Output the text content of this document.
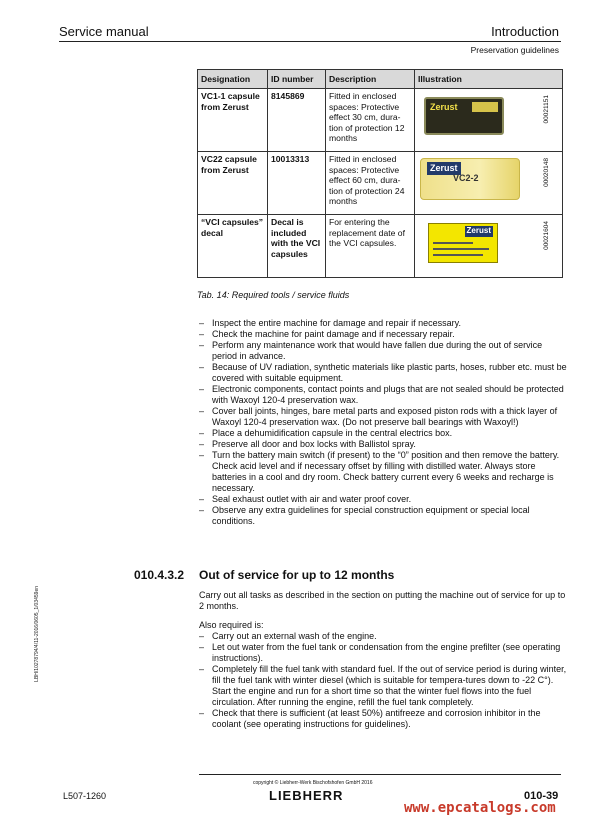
Service manual	Introduction
Preservation guidelines
Designation	ID number	Description	Illustration
VC1-1 capsule from Zerust	8145869	Fitted in enclosed spaces: Protective effect 30 cm, dura-tion of protection 12 months	Zerust 00021151

VC22 capsule from Zerust	10013313	Fitted in enclosed spaces: Protective effect 60 cm, dura-tion of protection 24 months	Zerust
VC2-2 00020148

“VCI capsules” decal	Decal is included with the VCI capsules	For entering the replacement date of the VCI capsules.	Zerust 00021604
Tab. 14: Required tools / service fluids
– Inspect the entire machine for damage and repair if necessary.
– Check the machine for paint damage and if necessary repair.
– Perform any maintenance work that would have fallen due during the out of service period in advance.
– Because of UV radiation, synthetic materials like plastic parts, hoses, rubber etc. must be covered with suitable equipment.
– Electronic components, contact points and plugs that are not sealed should be protected with Waxoyl 120-4 preservation wax.
– Cover ball joints, hinges, bare metal parts and exposed piston rods with a thick layer of Waxoyl 120-4 preservation wax. (Do not preserve ball bearings with Waxoyl!)
– Place a dehumidification capsule in the central electrics box.
– Preserve all door and box locks with Ballistol spray.
– Turn the battery main switch (if present) to the “0” position and then remove the battery. Check acid level and if necessary offset by filling with distilled water. Always store batteries in a cool and dry room. Check battery current every 6 weeks and recharge is necessary.
– Seal exhaust outlet with air and water proof cover.
– Observe any extra guidelines for special construction equipment or special local conditions.
010.4.3.2 Out of service for up to 12 months
Carry out all tasks as described in the section on putting the machine out of service for up to 2 months.
Also required is:
– Carry out an external wash of the engine.
– Let out water from the fuel tank or condensation from the engine prefilter (see operating instructions).
– Completely fill the fuel tank with standard fuel. If the out of service period is during winter, fill the fuel tank with winter diesel (which is suitable for tempera-tures down to -22 C°). Start the engine and run for a short time so that the winter fuel flows into the fuel circulation. After running the engine, refill the fuel tank completely.
– Check that there is sufficient (at least 50%) antifreeze and corrosion inhibitor in the coolant (see operating instructions for guidelines).
LBH/10278794/4/11-2016/0605_1/03459en
copyright © Liebherr-Werk Bischofshofen GmbH 2016
L507-1260	LIEBHERR	010-39
www.epcatalogs.com
